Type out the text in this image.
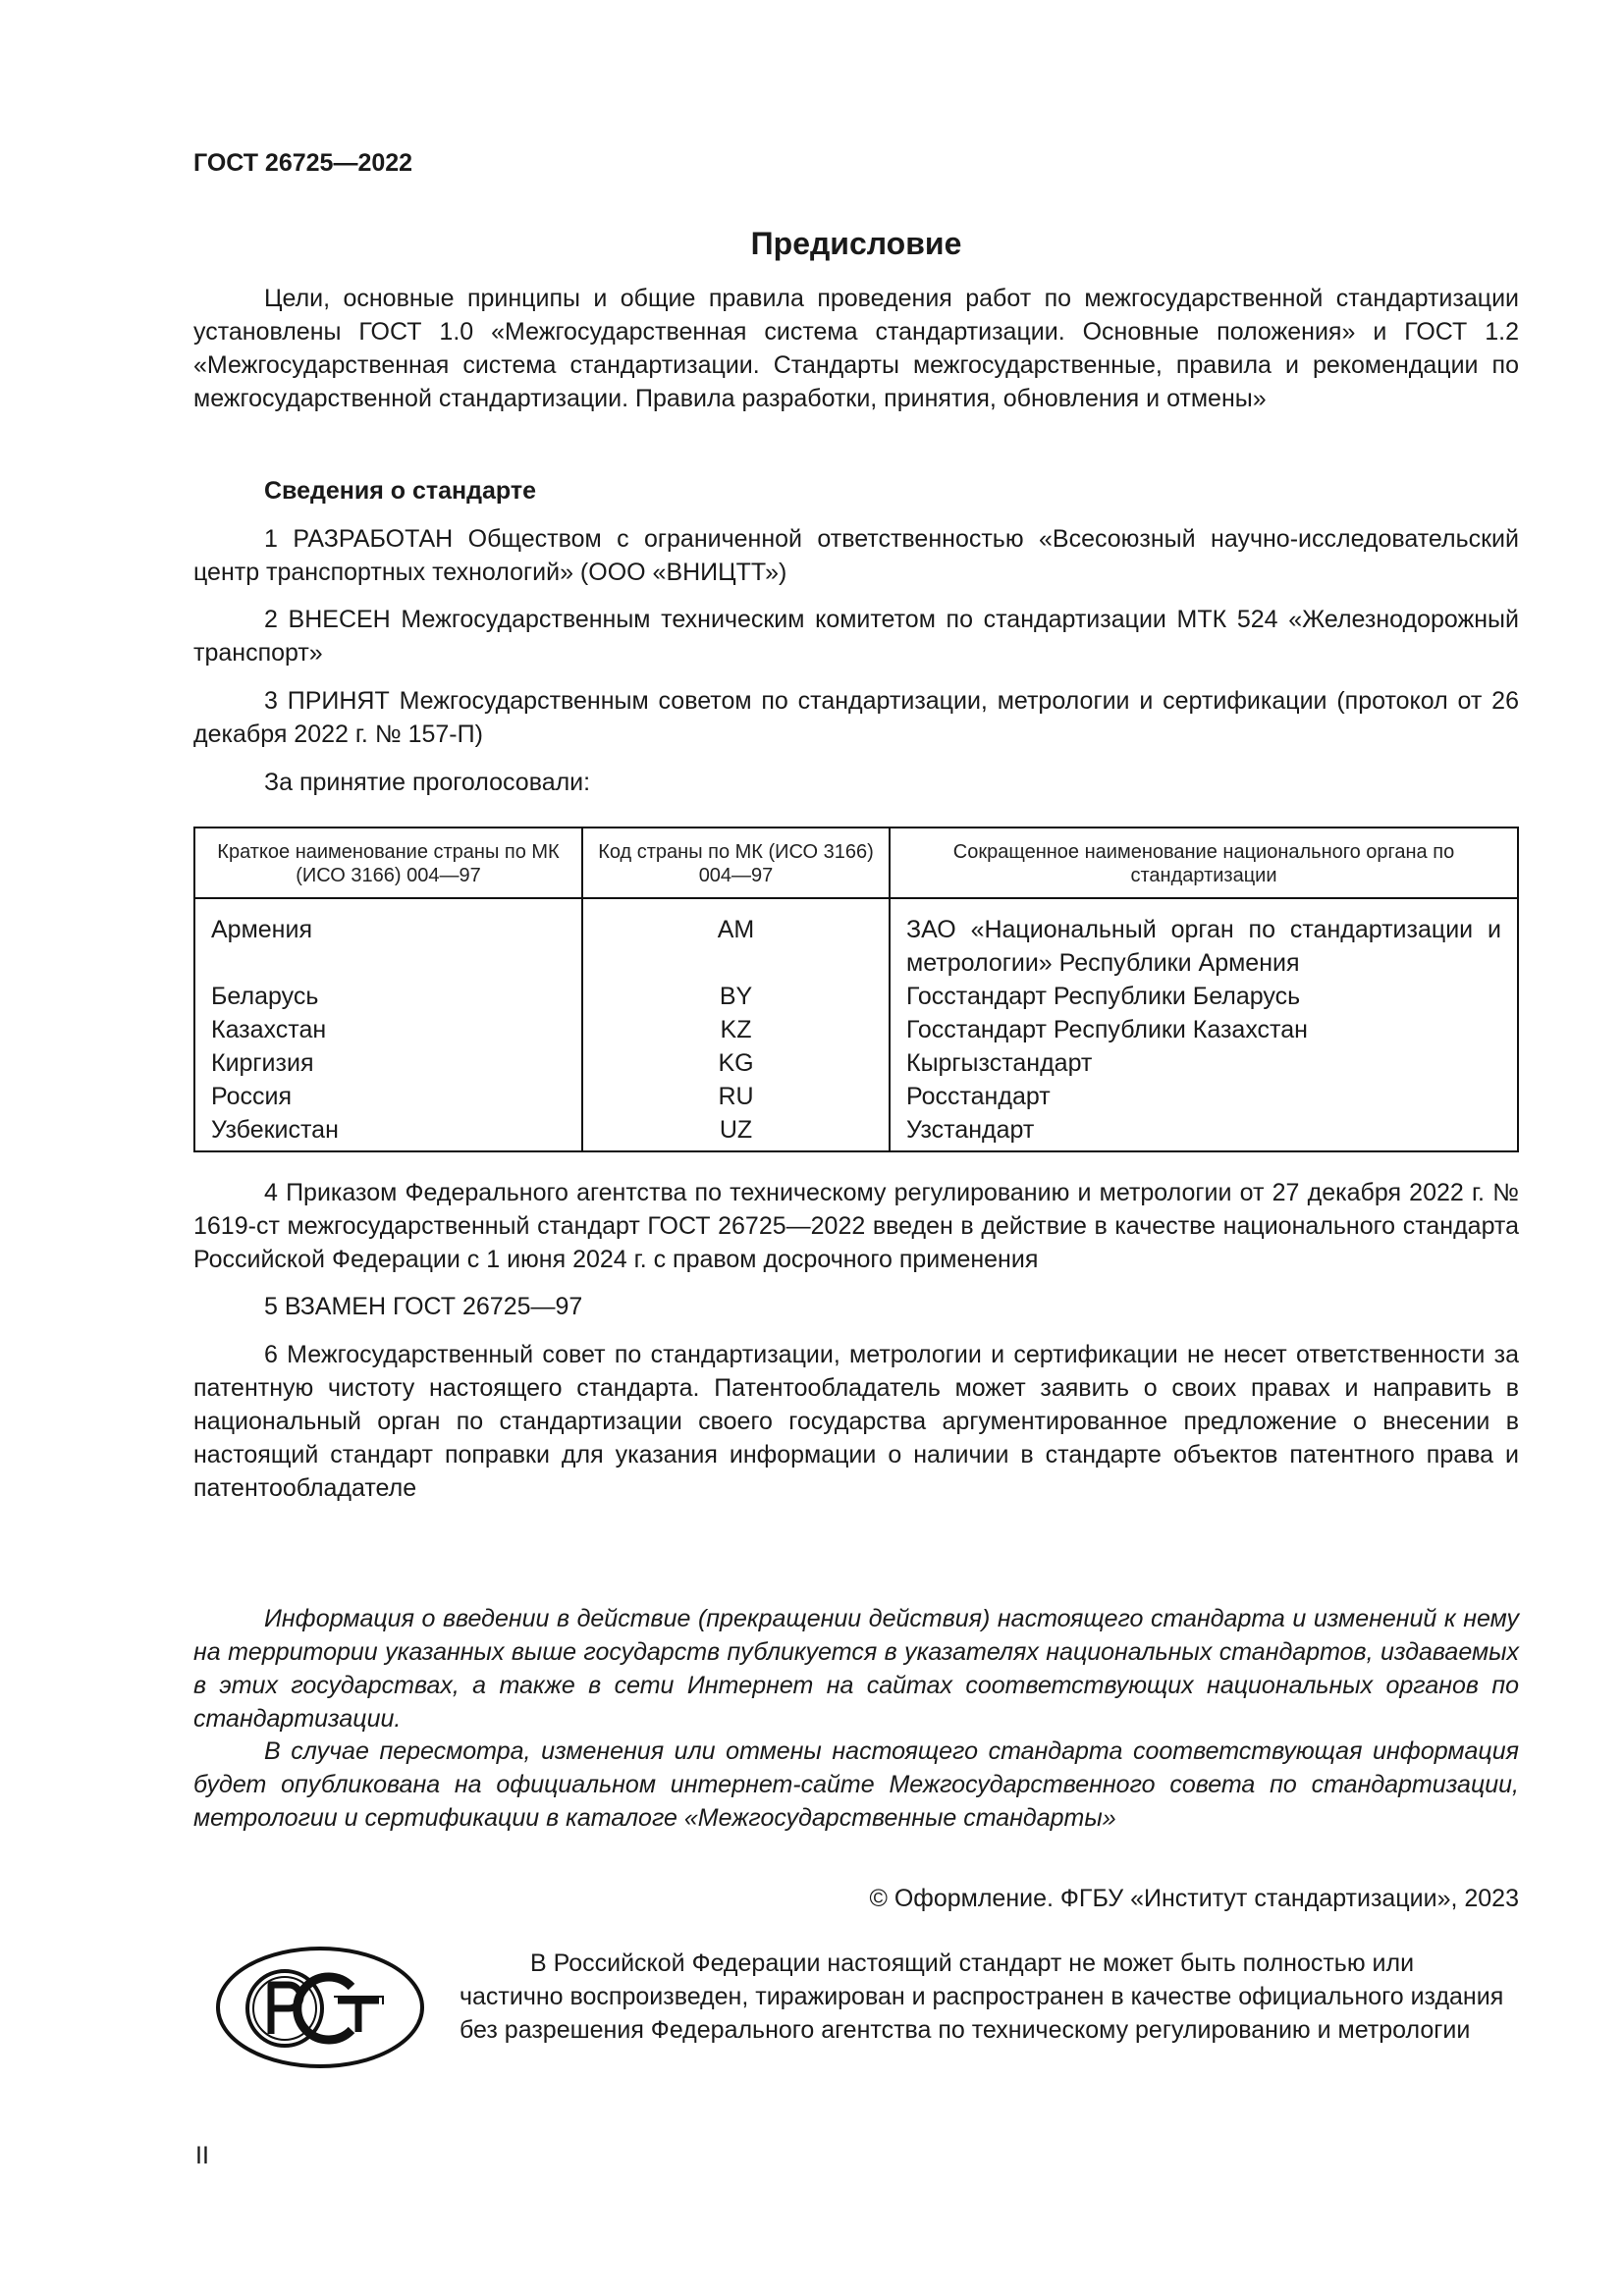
ГОСТ 26725—2022
Предисловие
Цели, основные принципы и общие правила проведения работ по межгосударственной стандартизации установлены ГОСТ 1.0 «Межгосударственная система стандартизации. Основные положения» и ГОСТ 1.2 «Межгосударственная система стандартизации. Стандарты межгосударственные, правила и рекомендации по межгосударственной стандартизации. Правила разработки, принятия, обновления и отмены»
Сведения о стандарте
1 РАЗРАБОТАН Обществом с ограниченной ответственностью «Всесоюзный научно-исследовательский центр транспортных технологий» (ООО «ВНИЦТТ»)
2 ВНЕСЕН Межгосударственным техническим комитетом по стандартизации МТК 524 «Железнодорожный транспорт»
3 ПРИНЯТ Межгосударственным советом по стандартизации, метрологии и сертификации (протокол от 26 декабря 2022 г. № 157-П)
За принятие проголосовали:
Краткое наименование страны по МК (ИСО 3166) 004—97	Код страны по МК (ИСО 3166) 004—97	Сокращенное наименование национального органа по стандартизации
Армения	AM	ЗАО «Национальный орган по стандартизации и метрологии» Республики Армения
Беларусь	BY	Госстандарт Республики Беларусь
Казахстан	KZ	Госстандарт Республики Казахстан
Киргизия	KG	Кыргызстандарт
Россия	RU	Росстандарт
Узбекистан	UZ	Узстандарт
4 Приказом Федерального агентства по техническому регулированию и метрологии от 27 декабря 2022 г. № 1619-ст межгосударственный стандарт ГОСТ 26725—2022 введен в действие в качестве национального стандарта Российской Федерации с 1 июня 2024 г. с правом досрочного применения
5 ВЗАМЕН ГОСТ 26725—97
6 Межгосударственный совет по стандартизации, метрологии и сертификации не несет ответственности за патентную чистоту настоящего стандарта. Патентообладатель может заявить о своих правах и направить в национальный орган по стандартизации своего государства аргументированное предложение о внесении в настоящий стандарт поправки для указания информации о наличии в стандарте объектов патентного права и патентообладателе
Информация о введении в действие (прекращении действия) настоящего стандарта и изменений к нему на территории указанных выше государств публикуется в указателях национальных стандартов, издаваемых в этих государствах, а также в сети Интернет на сайтах соответствующих национальных органов по стандартизации.
В случае пересмотра, изменения или отмены настоящего стандарта соответствующая информация будет опубликована на официальном интернет-сайте Межгосударственного совета по стандартизации, метрологии и сертификации в каталоге «Межгосударственные стандарты»
© Оформление. ФГБУ «Институт стандартизации», 2023
В Российской Федерации настоящий стандарт не может быть полностью или частично воспроизведен, тиражирован и распространен в качестве официального издания без разрешения Федерального агентства по техническому регулированию и метрологии
II
